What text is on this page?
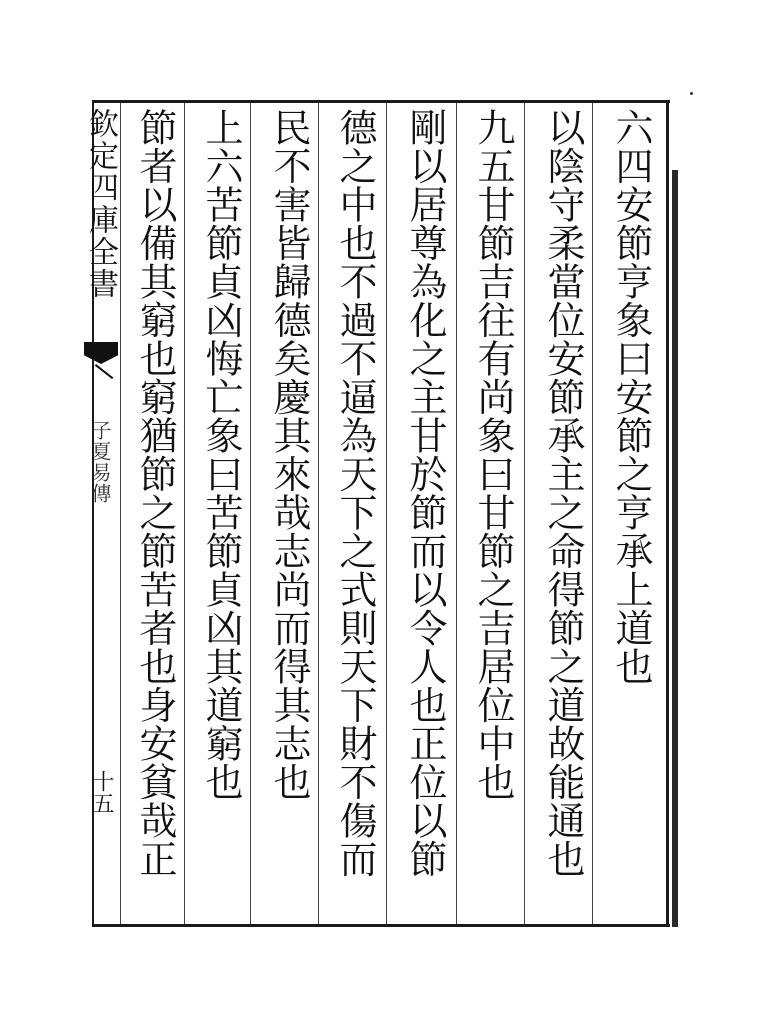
六四安節亨象曰安節之亨承上道也
以陰守柔當位安節承主之命得節之道故能通也
九五甘節吉往有尚象曰甘節之吉居位中也
剛以居尊為化之主甘於節而以令人也正位以節
德之中也不過不逼為天下之式則天下財不傷而
民不害皆歸德矣慶其來哉志尚而得其志也
上六苦節貞凶悔亡象曰苦節貞凶其道窮也
節者以備其窮也窮猶節之節苦者也身安貧哉正
欽定四庫全書
子夏易傳
十五
